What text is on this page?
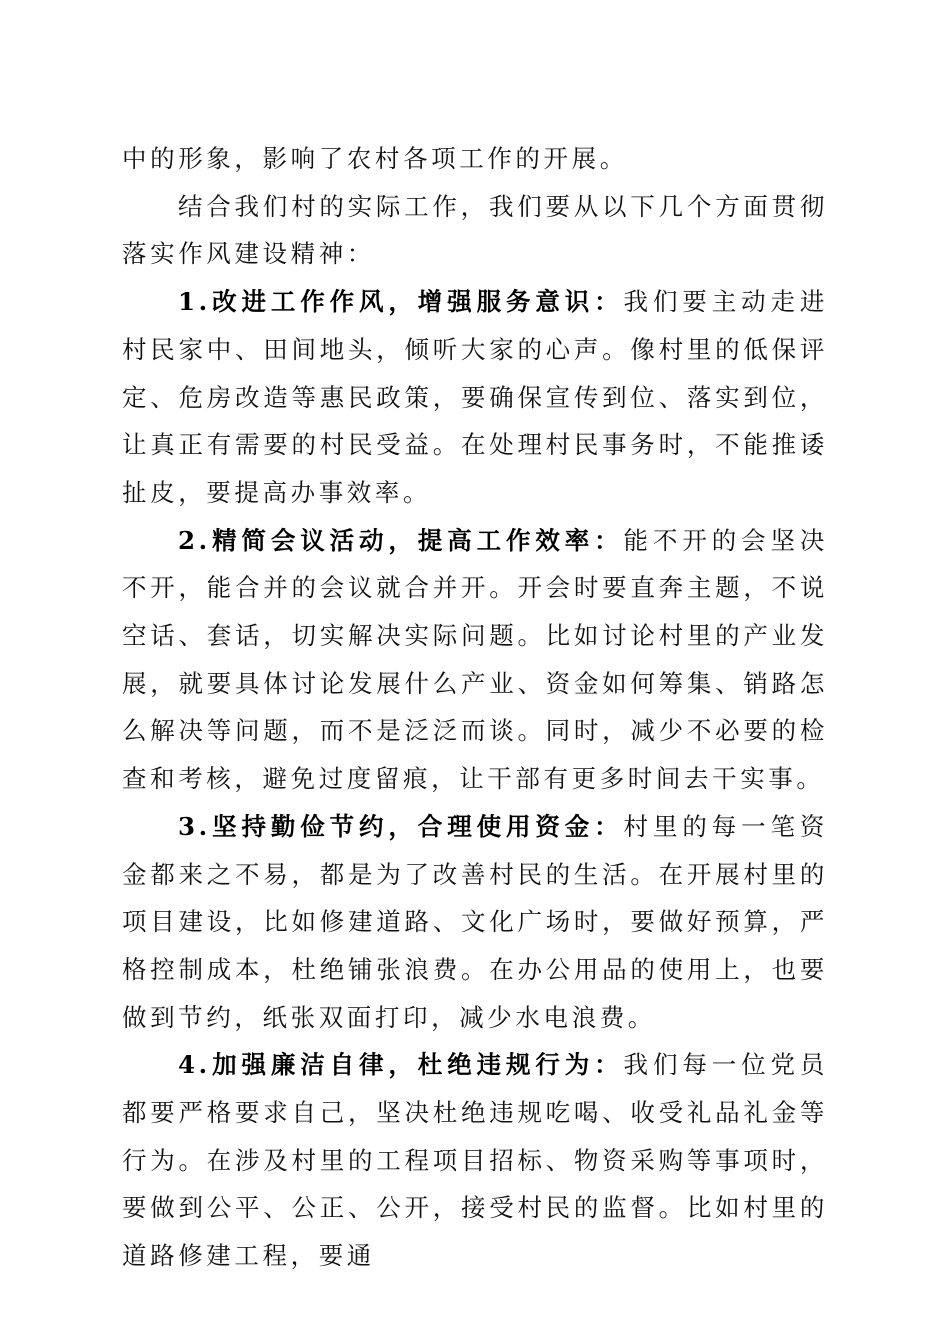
中的形象，影响了农村各项工作的开展。

结合我们村的实际工作，我们要从以下几个方面贯彻落实作风建设精神：

1.改进工作作风，增强服务意识：我们要主动走进村民家中、田间地头，倾听大家的心声。像村里的低保评定、危房改造等惠民政策，要确保宣传到位、落实到位，让真正有需要的村民受益。在处理村民事务时，不能推诿扯皮，要提高办事效率。

2.精简会议活动，提高工作效率：能不开的会坚决不开，能合并的会议就合并开。开会时要直奔主题，不说空话、套话，切实解决实际问题。比如讨论村里的产业发展，就要具体讨论发展什么产业、资金如何筹集、销路怎么解决等问题，而不是泛泛而谈。同时，减少不必要的检查和考核，避免过度留痕，让干部有更多时间去干实事。

3.坚持勤俭节约，合理使用资金：村里的每一笔资金都来之不易，都是为了改善村民的生活。在开展村里的项目建设，比如修建道路、文化广场时，要做好预算，严格控制成本，杜绝铺张浪费。在办公用品的使用上，也要做到节约，纸张双面打印，减少水电浪费。

4.加强廉洁自律，杜绝违规行为：我们每一位党员都要严格要求自己，坚决杜绝违规吃喝、收受礼品礼金等行为。在涉及村里的工程项目招标、物资采购等事项时，要做到公平、公正、公开，接受村民的监督。比如村里的道路修建工程，要通
